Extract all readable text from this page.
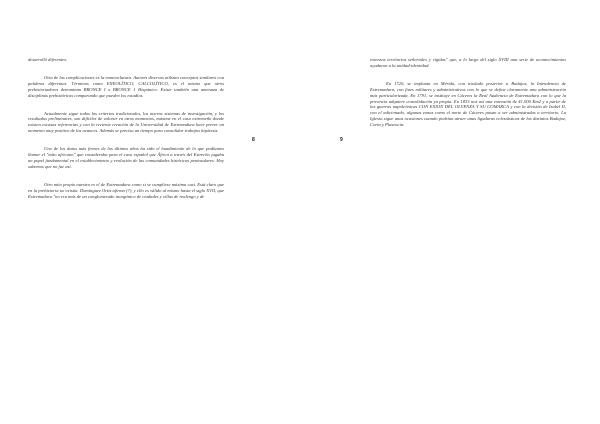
desarrolló diferentes.

Otra de las complicaciones es la nomenclatura. Autores diversos utilizan conceptos similares con palabras diferentes. Términos como ENEOLÍTICO, CALCOLÍTICO, es el mismo que otros prehistoriadores denominan BRONCE I o BRONCE 1 Hispánico. Existe también una amenaza de disciplinas prehistóricas comparando que pueden los estudios.

Actualmente sigue todos los criterios tradicionales, los nuevos sistemas de investigación, y los resultados preliminares, son difíciles de valorar en otros momentos, máxime en el caso extremeño donde existen escasas referencias y con la reciente creación de la Universidad de Extremadura hace prever un momento muy positivo de los avances. Además se precisa un tiempo para consolidar trabajos hipótesis.

Uno de los datos más firmes de los últimos años ha sido el hundimiento de lo que podíamos llamar el "mito africano" que consideraba para el caso español que África a través del Estrecho jugaba un papel fundamental en el establecimiento y evolución de las comunidades históricas peninsulares. Hoy sabemos que no fue así.

Otro mito propio nuestro es el de Extremadura como si se cumpliese máxima casi. Está claro que en la prehistoria no existía. Domínguez Ortiz afirma (?), y ello es válido al mismo hasta el siglo XVII, que Extremadura "no era más de un conglomerado inorgánico de ciudades y villas de realengo y de

8	9

extensos territorios señoriales y rígidas" que, a lo largo del siglo XVIII una serie de acontecimientos ayudaron a la unidad-identidad.

En 1720, se implanta en Mérida, con traslado posterior a Badajoz, la Intendencia de Extremadura, con fines militares y administrativos con lo que se define claramente una administración más particularizada. En 1791, se instituye en Cáceres la Real Audiencia de Extremadura con lo que la provincia adquiere consolidación ya propia. En 1833 nos así una extensión de 41.000 Km2 y a partir de las guerras napoleónicas CON EXION DEL OLVENZA Y SU COMARCA y con la división de Isabel II, con el adicionado, algunas zonas como el norte de Cáceres pasan a ser administradas a territorio. La Iglesia sigue unas ocasiones cuando podrían atraer unas ligaduras eclesiásticas de los distintos Badajoz, Coria y Plasencia.
